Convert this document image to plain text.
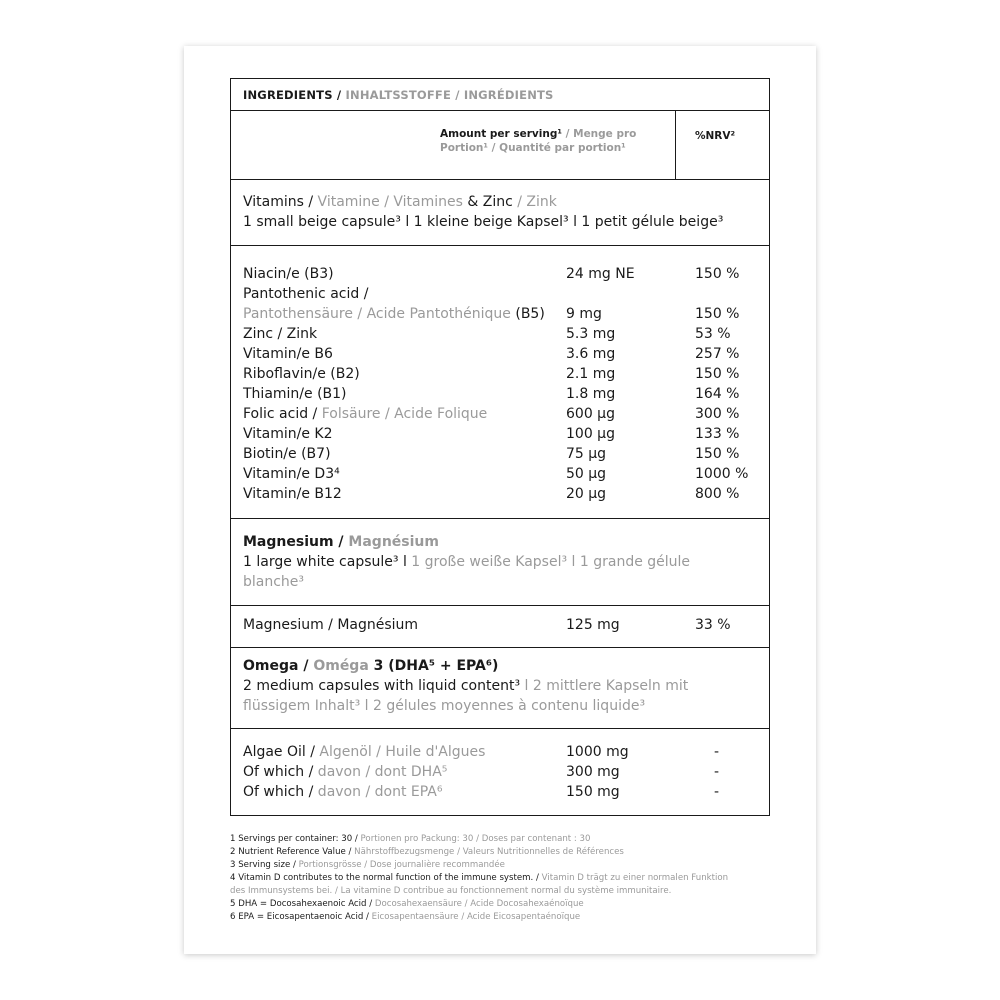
INGREDIENTS / INHALTSSTOFFE / INGRÉDIENTS
Amount per serving¹ / Menge pro
Portion¹ / Quantité par portion¹
%NRV²
Vitamins / Vitamine / Vitamines & Zinc / Zink
1 small beige capsule³ l 1 kleine beige Kapsel³ l 1 petit gélule beige³
Niacin/e (B3)	24 mg NE	150 %
Pantothenic acid /
Pantothensäure / Acide Pantothénique (B5) 9 mg	150 %
Zinc / Zink	5.3 mg	53 %
Vitamin/e B6	3.6 mg	257 %
Riboflavin/e (B2)	2.1 mg	150 %
Thiamin/e (B1)	1.8 mg	164 %
Folic acid / Folsäure / Acide Folique	600 µg	300 %
Vitamin/e K2	100 µg	133 %
Biotin/e (B7)	75 µg	150 %
Vitamin/e D3⁴	50 µg	1000 %
Vitamin/e B12	20 µg	800 %
Magnesium / Magnésium
1 large white capsule³ l 1 große weiße Kapsel³ l 1 grande gélule
blanche³
Magnesium / Magnésium	125 mg	33 %
Omega / Oméga 3 (DHA⁵ + EPA⁶)
2 medium capsules with liquid content³ l 2 mittlere Kapseln mit
flüssigem Inhalt³ l 2 gélules moyennes à contenu liquide³
Algae Oil / Algenöl / Huile d'Algues	1000 mg	-
Of which / davon / dont DHA⁵	300 mg	-
Of which / davon / dont EPA⁶	150 mg	-
1 Servings per container: 30 / Portionen pro Packung: 30 / Doses par contenant : 30
2 Nutrient Reference Value / Nährstoffbezugsmenge / Valeurs Nutritionnelles de Références
3 Serving size / Portionsgrösse / Dose journalière recommandée
4 Vitamin D contributes to the normal function of the immune system. / Vitamin D trägt zu einer normalen Funktion
des Immunsystems bei. / La vitamine D contribue au fonctionnement normal du système immunitaire.
5 DHA = Docosahexaenoic Acid / Docosahexaensäure / Acide Docosahexaénoïque
6 EPA = Eicosapentaenoic Acid / Eicosapentaensäure / Acide Eicosapentaénoïque
